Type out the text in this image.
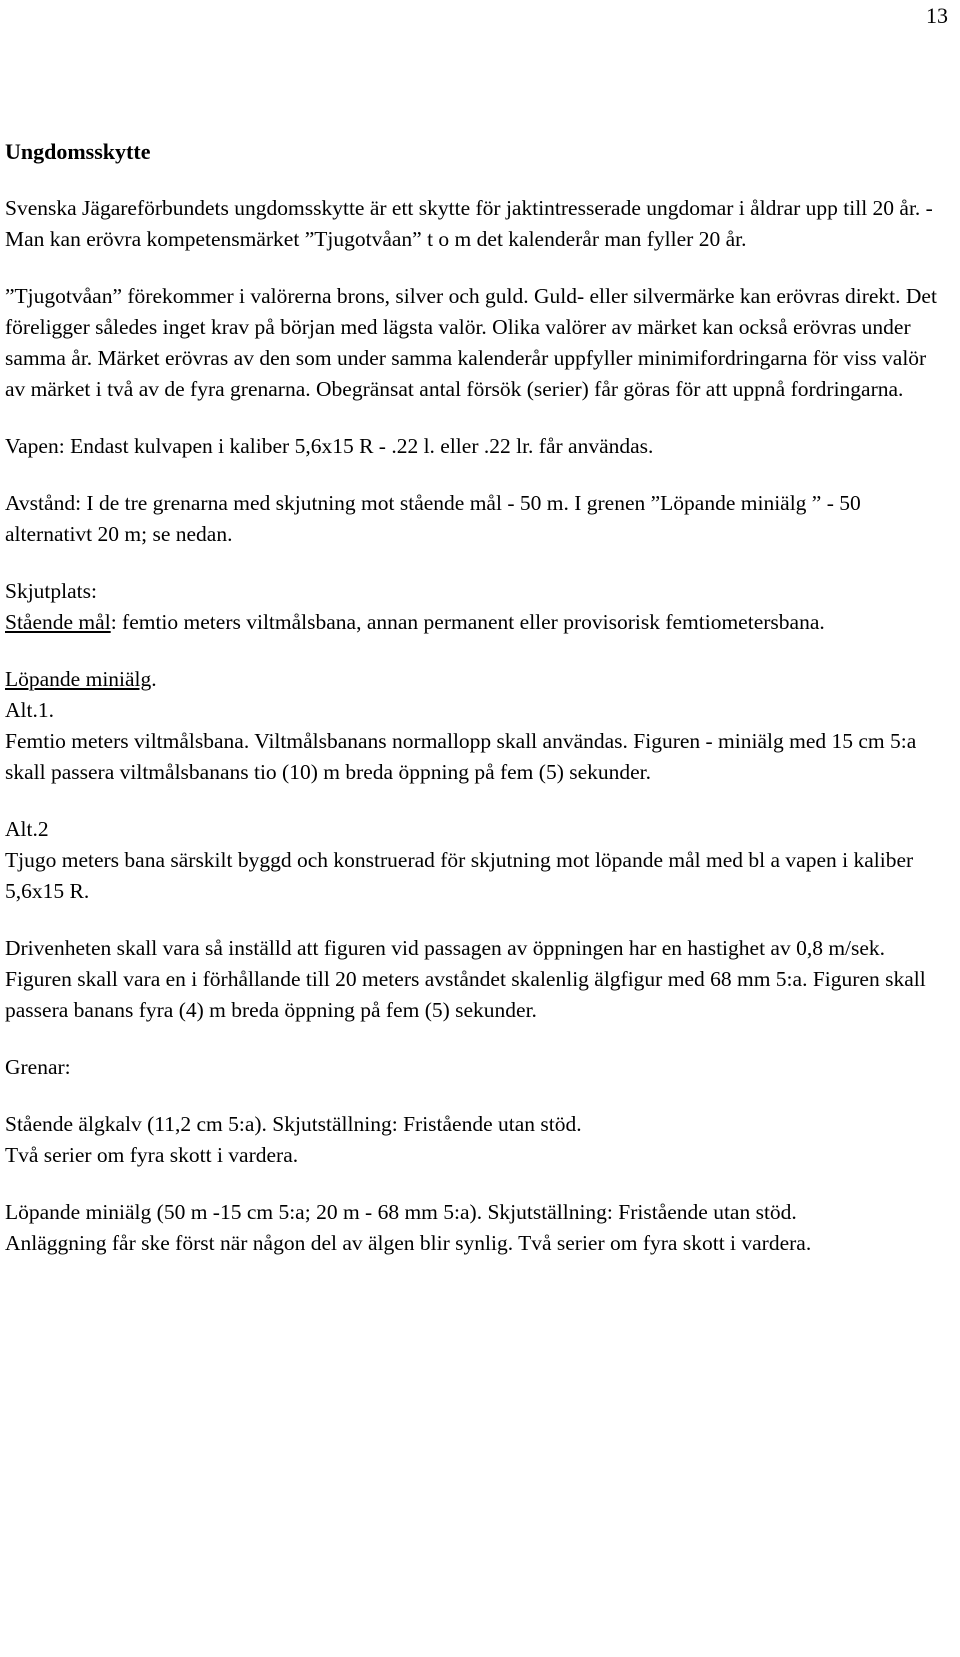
13
Ungdomsskytte

Svenska Jägareförbundets ungdomsskytte är ett skytte för jaktintresserade ungdomar i åldrar upp till 20 år. - Man kan erövra kompetensmärket ”Tjugotvåan” t o m det kalenderår man fyller 20 år.

”Tjugotvåan” förekommer i valörerna brons, silver och guld. Guld- eller silvermärke kan erövras direkt. Det föreligger således inget krav på början med lägsta valör. Olika valörer av märket kan också erövras under samma år. Märket erövras av den som under samma kalenderår uppfyller minimifordringarna för viss valör av märket i två av de fyra grenarna. Obegränsat antal försök (serier) får göras för att uppnå fordringarna.

Vapen: Endast kulvapen i kaliber 5,6x15 R - .22 l. eller .22 lr. får användas.

Avstånd: I de tre grenarna med skjutning mot stående mål - 50 m. I grenen ”Löpande miniälg ” - 50 alternativt 20 m; se nedan.

Skjutplats:

Stående mål: femtio meters viltmålsbana, annan permanent eller provisorisk femtiometersbana.

Löpande miniälg.

Alt.1.

Femtio meters viltmålsbana. Viltmålsbanans normallopp skall användas. Figuren - miniälg med 15 cm 5:a skall passera viltmålsbanans tio (10) m breda öppning på fem (5) sekunder.

Alt.2

Tjugo meters bana särskilt byggd och konstruerad för skjutning mot löpande mål med bl a vapen i kaliber 5,6x15 R.

Drivenheten skall vara så inställd att figuren vid passagen av öppningen har en hastighet av 0,8 m/sek. Figuren skall vara en i förhållande till 20 meters avståndet skalenlig älgfigur med 68 mm 5:a. Figuren skall passera banans fyra (4) m breda öppning på fem (5) sekunder.

Grenar:

Stående älgkalv (11,2 cm 5:a). Skjutställning: Fristående utan stöd.

Två serier om fyra skott i vardera.

Löpande miniälg (50 m -15 cm 5:a; 20 m - 68 mm 5:a). Skjutställning: Fristående utan stöd.

Anläggning får ske först när någon del av älgen blir synlig. Två serier om fyra skott i vardera.
